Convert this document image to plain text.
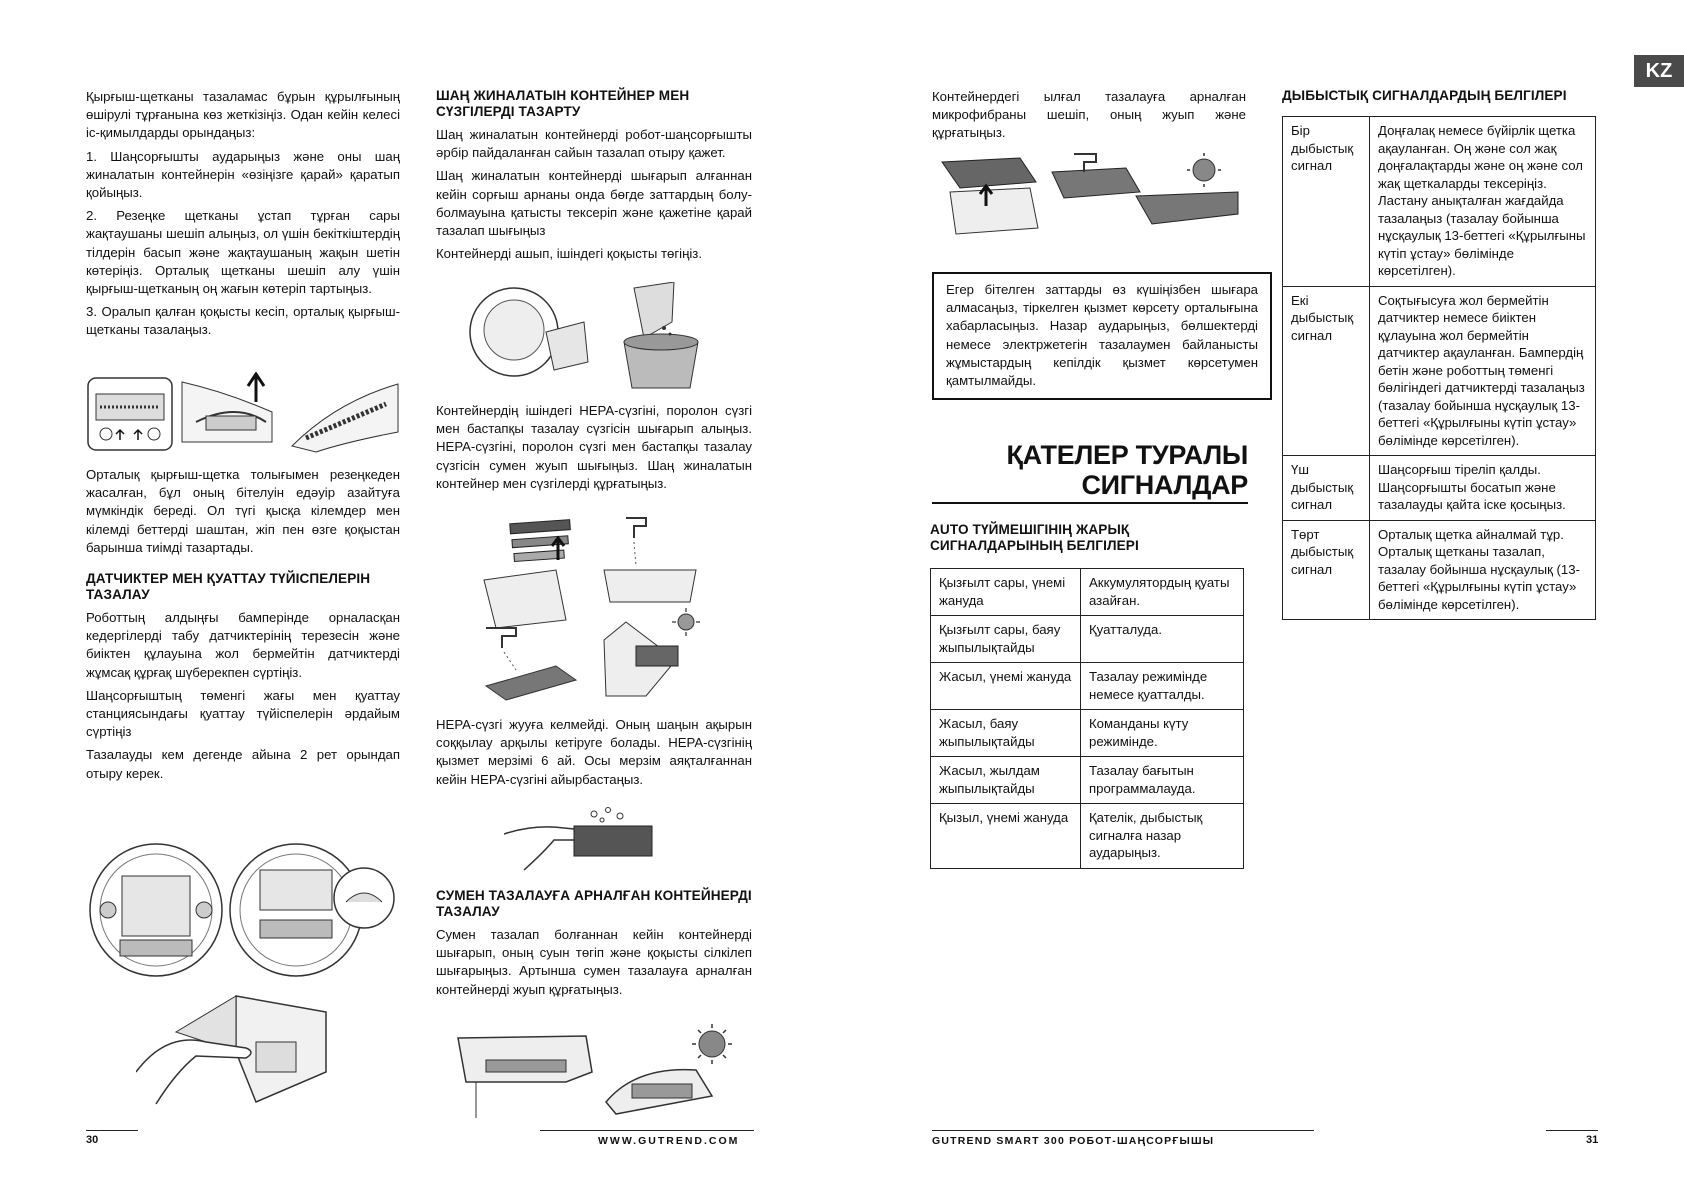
KZ

Қырғыш-щетканы тазаламас бұрын құрылғының өшірулі тұрғанына көз жеткізіңіз. Одан кейін келесі іс-қимылдарды орындаңыз:

1. Шаңсорғышты аударыңыз және оны шаң жиналатын контейнерін «өзіңізге қарай» қаратып қойыңыз.

2. Резеңке щетканы ұстап тұрған сары жақтаушаны шешіп алыңыз, ол үшін бекіткіштердің тілдерін басып және жақтаушаның жақын шетін көтеріңіз. Орталық щетканы шешіп алу үшін қырғыш-щетканың оң жағын көтеріп тартыңыз.

3. Оралып қалған қоқысты кесіп, орталық қырғыш-щетканы тазалаңыз.

Орталық қырғыш-щетка толығымен резеңкеден жасалған, бұл оның бітелуін едәуір азайтуға мүмкіндік береді. Ол түгі қысқа кілемдер мен кілемді беттерді шаштан, жіп пен өзге қоқыстан барынша тиімді тазартады.

ДАТЧИКТЕР МЕН ҚУАТТАУ ТҮЙІСПЕЛЕРІН ТАЗАЛАУ

Роботтың алдыңғы бамперінде орналасқан кедергілерді табу датчиктерінің терезесін және биіктен құлауына жол бермейтін датчиктерді жұмсақ құрғақ шүберекпен сүртіңіз.

Шаңсорғыштың төменгі жағы мен қуаттау станциясындағы қуаттау түйіспелерін әрдайым сүртіңіз

Тазалауды кем дегенде айына 2 рет орындап отыру керек.

ШАҢ ЖИНАЛАТЫН КОНТЕЙНЕР МЕН СҮЗГІЛЕРДІ ТАЗАРТУ

Шаң жиналатын контейнерді робот-шаңсорғышты әрбір пайдаланған сайын тазалап отыру қажет.

Шаң жиналатын контейнерді шығарып алғаннан кейін сорғыш арнаны онда бөгде заттардың болу-болмауына қатысты тексеріп және қажетіне қарай тазалап шығыңыз

Контейнерді ашып, ішіндегі қоқысты төгіңіз.

Контейнердің ішіндегі HEPA-сүзгіні, поролон сүзгі мен бастапқы тазалау сүзгісін шығарып алыңыз. HEPA-сүзгіні, поролон сүзгі мен бастапқы тазалау сүзгісін сумен жуып шығыңыз. Шаң жиналатын контейнер мен сүзгілерді құрғатыңыз.

HEPA-сүзгі жууға келмейді. Оның шаңын ақырын соққылау арқылы кетіруге болады. HEPA-сүзгінің қызмет мерзімі 6 ай. Осы мерзім аяқталғаннан кейін HEPA-сүзгіні айырбастаңыз.

СУМЕН ТАЗАЛАУҒА АРНАЛҒАН КОНТЕЙНЕРДІ ТАЗАЛАУ

Сумен тазалап болғаннан кейін контейнерді шығарып, оның суын төгіп және қоқысты сілкілеп шығарыңыз. Артынша сумен тазалауға арналған контейнерді жуып құрғатыңыз.

30	WWW.GUTREND.COM

Контейнердегі ылғал тазалауға арналған микрофибраны шешіп, оның жуып және құрғатыңыз.

Егер бітелген заттарды өз күшіңізбен шығара алмасаңыз, тіркелген қызмет көрсету орталығына хабарласыңыз. Назар аударыңыз, бөлшектерді немесе электржетегін тазалаумен байланысты жұмыстардың кепілдік қызмет көрсетумен қамтылмайды.
ҚАТЕЛЕР ТУРАЛЫ
СИГНАЛДАР
AUTO ТҮЙМЕШІГІНІҢ ЖАРЫҚ СИГНАЛДАРЫНЫҢ БЕЛГІЛЕРІ
Қызғылт сары, үнемі жануда	Аккумулятордың қуаты азайған.
Қызғылт сары, баяу жыпылықтайды	Қуатталуда.
Жасыл, үнемі жануда	Тазалау режимінде немесе қуатталды.
Жасыл, баяу жыпылықтайды	Команданы күту режимінде.
Жасыл, жылдам жыпылықтайды	Тазалау бағытын программалауда.
Қызыл, үнемі жануда	Қателік, дыбыстық сигналға назар аударыңыз.
ДЫБЫСТЫҚ СИГНАЛДАРДЫҢ БЕЛГІЛЕРІ
Бір дыбыстық сигнал	Доңғалақ немесе бүйірлік щетка ақауланған. Оң және сол жақ доңғалақтарды және оң және сол жақ щеткаларды тексеріңіз. Ластану анықталған жағдайда тазалаңыз (тазалау бойынша нұсқаулық 13-беттегі «Құрылғыны күтіп ұстау» бөлімінде көрсетілген).
Екі дыбыстық сигнал	Соқтығысуға жол бермейтін датчиктер немесе биіктен құлауына жол бермейтін датчиктер ақауланған. Бампердің бетін және роботтың төменгі бөлігіндегі датчиктерді тазалаңыз (тазалау бойынша нұсқаулық 13-беттегі «Құрылғыны күтіп ұстау» бөлімінде көрсетілген).
Үш дыбыстық сигнал	Шаңсорғыш тіреліп қалды. Шаңсорғышты босатып және тазалауды қайта іске қосыңыз.
Төрт дыбыстық сигнал	Орталық щетка айналмай тұр. Орталық щетканы тазалап, тазалау бойынша нұсқаулық (13-беттегі «Құрылғыны күтіп ұстау» бөлімінде көрсетілген).
GUTREND SMART 300 РОБОТ-ШАҢСОРҒЫШЫ	31
